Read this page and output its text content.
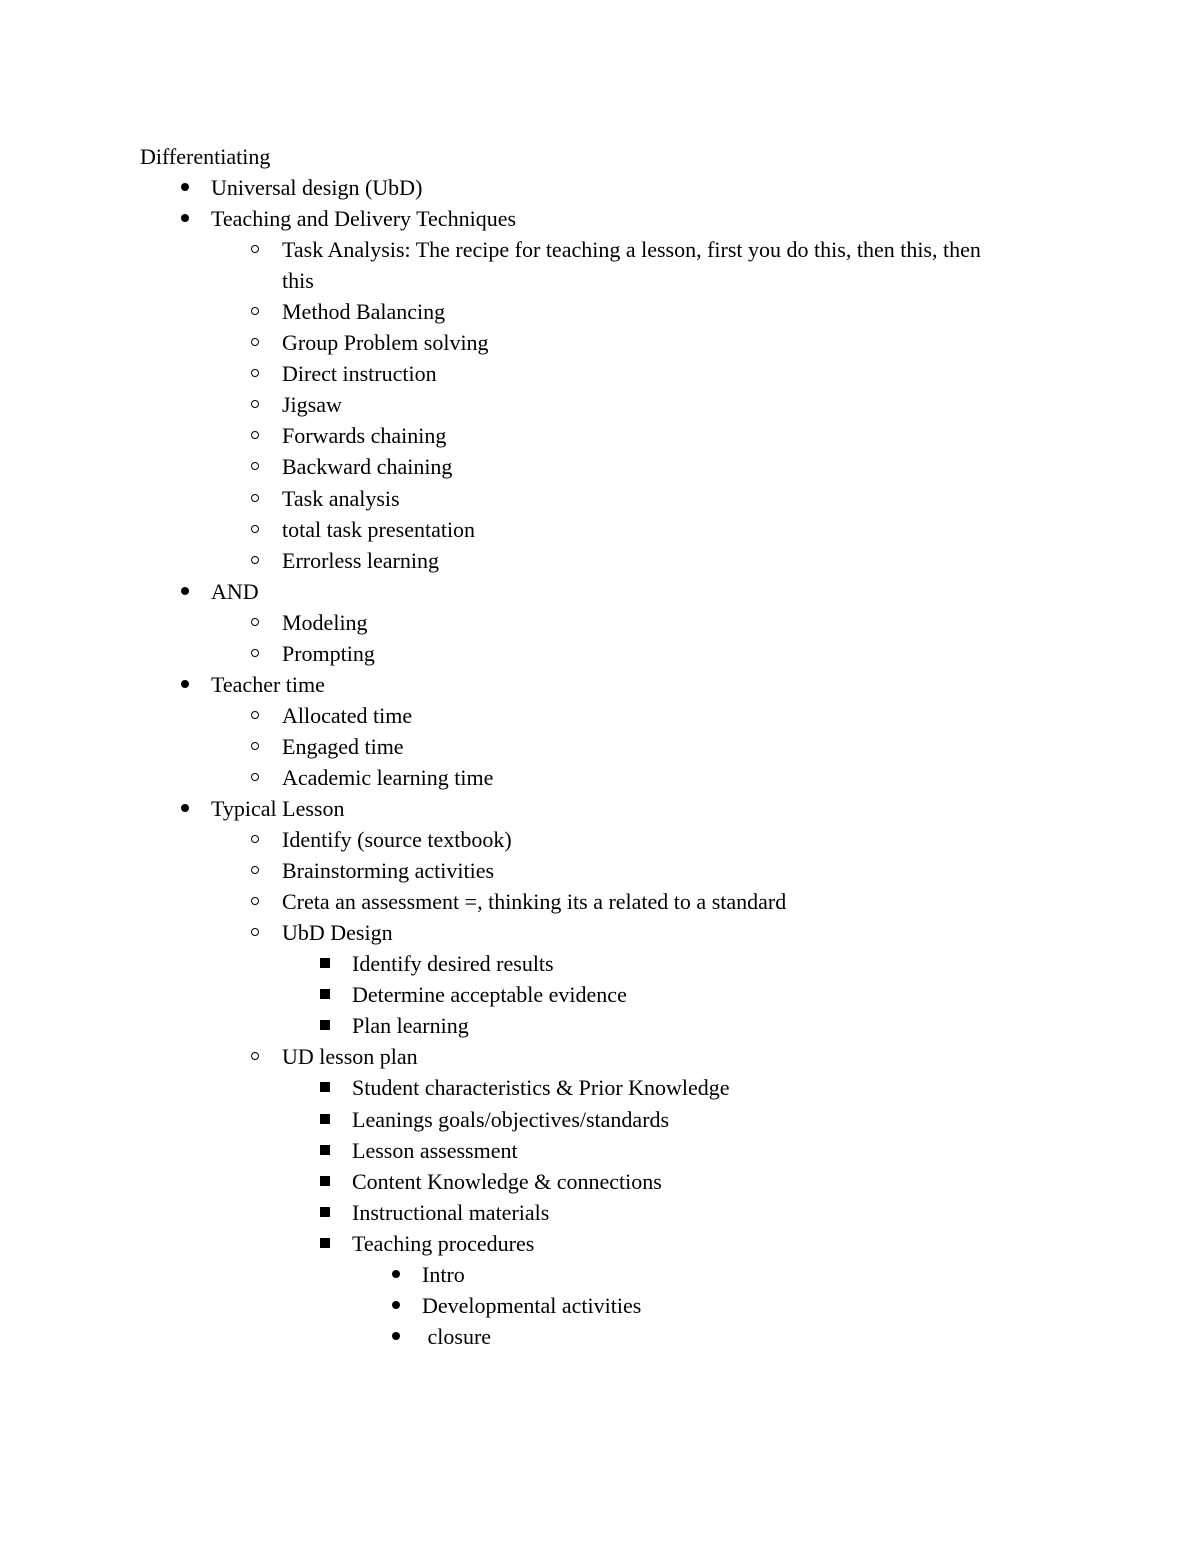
Differentiating
Universal design (UbD)
Teaching and Delivery Techniques
Task Analysis: The recipe for teaching a lesson, first you do this, then this, then
this
Method Balancing
Group Problem solving
Direct instruction
Jigsaw
Forwards chaining
Backward chaining
Task analysis
total task presentation
Errorless learning
AND
Modeling
Prompting
Teacher time
Allocated time
Engaged time
Academic learning time
Typical Lesson
Identify (source textbook)
Brainstorming activities
Creta an assessment =, thinking its a related to a standard
UbD Design
Identify desired results
Determine acceptable evidence
Plan learning
UD lesson plan
Student characteristics & Prior Knowledge
Leanings goals/objectives/standards
Lesson assessment
Content Knowledge & connections
Instructional materials
Teaching procedures
Intro
Developmental activities
closure
